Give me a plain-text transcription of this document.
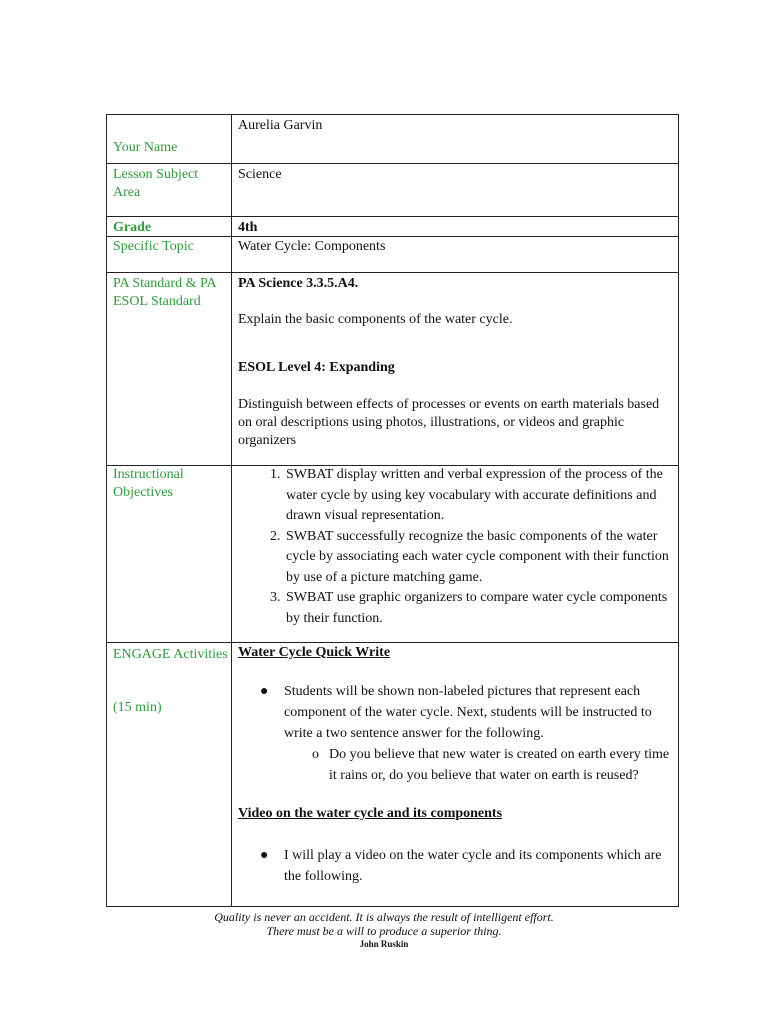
Your Name
Aurelia Garvin
Lesson Subject Area
Science
Grade	4th
Specific Topic	Water Cycle: Components
PA Standard & PA ESOL Standard
PA Science 3.3.5.A4.
Explain the basic components of the water cycle.
ESOL Level 4: Expanding
Distinguish between effects of processes or events on earth materials based on oral descriptions using photos, illustrations, or videos and graphic organizers
Instructional Objectives
1. SWBAT display written and verbal expression of the process of the water cycle by using key vocabulary with accurate definitions and drawn visual representation.
2. SWBAT successfully recognize the basic components of the water cycle by associating each water cycle component with their function by use of a picture matching game.
3. SWBAT use graphic organizers to compare water cycle components by their function.
ENGAGE Activities
(15 min)
Water Cycle Quick Write
● Students will be shown non-labeled pictures that represent each component of the water cycle. Next, students will be instructed to write a two sentence answer for the following.
o Do you believe that new water is created on earth every time it rains or, do you believe that water on earth is reused?
Video on the water cycle and its components
● I will play a video on the water cycle and its components which are the following.
Quality is never an accident. It is always the result of intelligent effort.
There must be a will to produce a superior thing.
John Ruskin
